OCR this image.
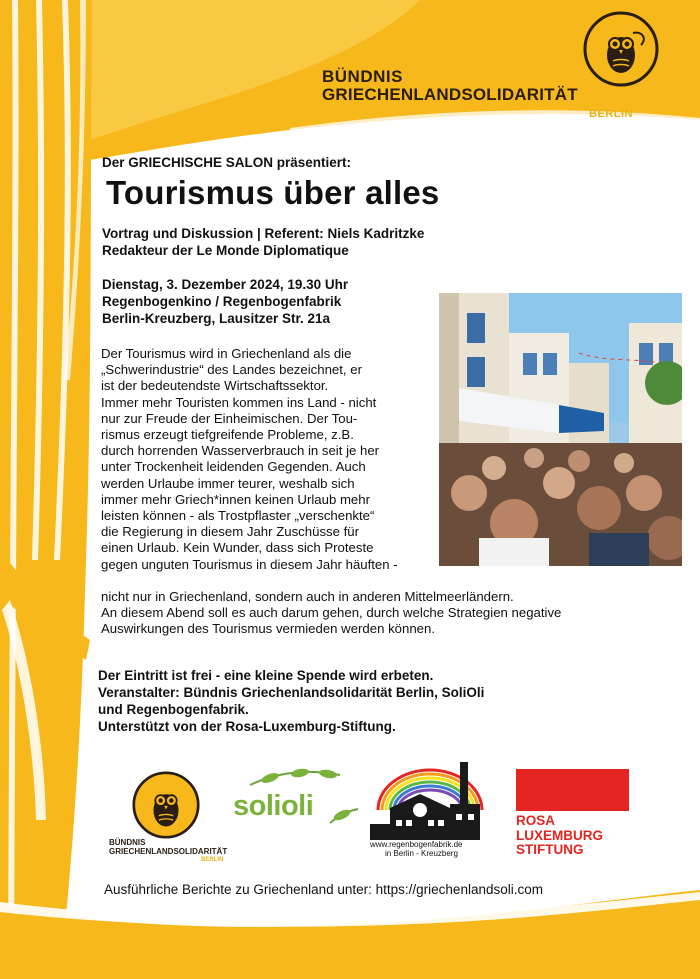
BÜNDNIS
GRIECHENLANDSOLIDARITÄT
BERLIN
Der GRIECHISCHE SALON präsentiert:
Tourismus über alles
Vortrag und Diskussion | Referent: Niels Kadritzke
Redakteur der Le Monde Diplomatique
Dienstag, 3. Dezember 2024, 19.30 Uhr
Regenbogenkino / Regenbogenfabrik
Berlin-Kreuzberg, Lausitzer Str. 21a
Der Tourismus wird in Griechenland als die
„Schwerindustrie“ des Landes bezeichnet, er
ist der bedeutendste Wirtschaftssektor.
Immer mehr Touristen kommen ins Land - nicht
nur zur Freude der Einheimischen. Der Tou-
rismus erzeugt tiefgreifende Probleme, z.B.
durch horrenden Wasserverbrauch in seit je her
unter Trockenheit leidenden Gegenden. Auch
werden Urlaube immer teurer, weshalb sich
immer mehr Griech*innen keinen Urlaub mehr
leisten können - als Trostpflaster „verschenkte“
die Regierung in diesem Jahr Zuschüsse für
einen Urlaub. Kein Wunder, dass sich Proteste
gegen unguten Tourismus in diesem Jahr häuften -
nicht nur in Griechenland, sondern auch in anderen Mittelmeerländern.
An diesem Abend soll es auch darum gehen, durch welche Strategien negative
Auswirkungen des Tourismus vermieden werden können.
Der Eintritt ist frei - eine kleine Spende wird erbeten.
Veranstalter: Bündnis Griechenlandsolidarität Berlin, SoliOli
und Regenbogenfabrik.
Unterstützt von der Rosa-Luxemburg-Stiftung.
BÜNDNIS
GRIECHENLANDSOLIDARITÄT
BERLIN
solioli
www.regenbogenfabrik.de
in Berlin - Kreuzberg
ROSA
LUXEMBURG
STIFTUNG
Ausführliche Berichte zu Griechenland unter: https://griechenlandsoli.com
